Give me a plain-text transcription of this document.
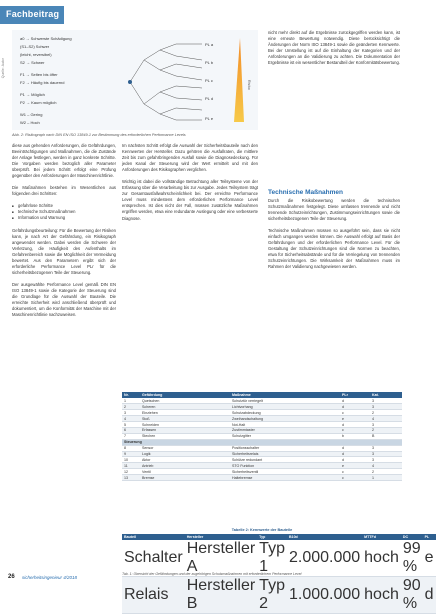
Fachbeitrag
Quelle: Autor
a0 → Schwerste Schädigung
(S1–S2) Schwer
(leicht, reversibel)
S2 → Schwer
F1 → Selten bis öfter
F2 → Häufig bis dauernd
P1 → Möglich
P2 → Kaum möglich
W1 – Gering
W2 – Hoch
PL a
PL b
PL c
PL d
PL e
Risiko
Abb. 2: Risikograph nach DIN EN ISO 13849-1 zur Bestimmung des erforderlichen Performance Levels

diese aus gehenden Anforderungen, die Gefährdungen, Beeinträchtigungen und Maßnahmen, die die Zustände der Anlage festlegen, werden in ganz konkrete Schritte. Die Vorgaben werden bezüglich aller Parameter überprüft. Bei jedem Schritt erfolgt eine Prüfung gegenüber den Anforderungen der Maschinenrichtlinie.

Die Maßnahmen bestehen im Wesentlichen aus folgenden drei Schritten:

■ gefahrlose Schritte
■ technische Schutzmaßnahmen
■ Information und Warnung

Gefährdungsbeurteilung: Für die Bewertung der Risiken kann, je nach Art der Gefährdung, ein Risikograph angewendet werden. Dabei werden die Schwere der Verletzung, die Häufigkeit des Aufenthalts im Gefahrenbereich sowie die Möglichkeit der Vermeidung bewertet. Aus den Parametern ergibt sich der erforderliche Performance Level PLr für die sicherheitsbezogenen Teile der Steuerung.

Der ausgewählte Performance Level gemäß DIN EN ISO 13849-1 sowie die Kategorie der Steuerung sind die Grundlage für die Auswahl der Bauteile. Die erreichte Sicherheit wird anschließend überprüft und dokumentiert, um die Konformität der Maschine mit der Maschinenrichtlinie nachzuweisen.

Im nächsten Schritt erfolgt die Auswahl der Sicherheitsbauteile nach den Kennwerten der Hersteller. Dazu gehören die Ausfallraten, die mittlere Zeit bis zum gefahrbringenden Ausfall sowie die Diagnosedeckung. Für jeden Kanal der Steuerung wird der Wert ermittelt und mit den Anforderungen des Risikographen verglichen.

Wichtig ist dabei die vollständige Betrachtung aller Teilsysteme von der Erfassung über die Verarbeitung bis zur Ausgabe. Jedes Teilsystem trägt zur Gesamtausfallwahrscheinlichkeit bei. Der erreichte Performance Level muss mindestens dem erforderlichen Performance Level entsprechen. Ist dies nicht der Fall, müssen zusätzliche Maßnahmen ergriffen werden, etwa eine redundante Auslegung oder eine verbesserte Diagnose.

nicht mehr direkt auf die Ergebnisse zurückgegriffen werden kann, ist eine erneute Bewertung notwendig. Diese berücksichtigt die Änderungen der Norm ISO 13849-1 sowie die geänderten Kennwerte. Bei der Umstellung ist auf die Einhaltung der Kategorien und der Anforderungen an die Validierung zu achten. Die Dokumentation der Ergebnisse ist ein wesentlicher Bestandteil der Konformitätsbewertung.

Technische Maßnahmen

Durch die Risikobewertung werden die technischen Schutzmaßnahmen festgelegt. Diese umfassen trennende und nicht trennende Schutzeinrichtungen, Zustimmungseinrichtungen sowie die sicherheitsbezogenen Teile der Steuerung.

Technische Maßnahmen müssen so ausgeführt sein, dass sie nicht einfach umgangen werden können. Die Auswahl erfolgt auf Basis der Gefährdungen und der erforderlichen Performance Level. Für die Gestaltung der Schutzeinrichtungen sind die Normen zu beachten, etwa für Sicherheitsabstände und für die Verriegelung von trennenden Schutzeinrichtungen. Die Wirksamkeit der Maßnahmen muss im Rahmen der Validierung nachgewiesen werden.

Nr.	Gefährdung	Maßnahme	PLr	Kat.
1	Quetschen	Schutztür verriegelt	d	3
2	Scheren	Lichtvorhang	d	3
3	Einziehen	Schutzabdeckung	c	2
4	Stoß	Zweihandschaltung	e	4
5	Schneiden	Not-Halt	d	3
6	Erfassen	Zustimmtaster	c	2
7	Stechen	Schutzgitter	b	B
Steuerung				
8	Sensor	Positionsschalter	d	3
9	Logik	Sicherheitsrelais	d	3
10	Aktor	Schütze redundant	d	3
11	Antrieb	STO Funktion	e	4
12	Ventil	Sicherheitsventil	c	2
13	Bremse	Haltebremse	c	1
Tabelle 2: Kennwerte der Bauteile
Bauteil	Hersteller	Typ	B10d	MTTFd	DC	PL
Schalter	Hersteller A	Typ 1	2.000.000	hoch	99 %	e
Relais	Hersteller B	Typ 2	1.000.000	hoch	90 %	d
Tab. 1: Übersicht der Gefährdungen und der zugehörigen Schutzmaßnahmen mit erforderlichem Performance Level
26 sicherheitsingenieur 4/2018
